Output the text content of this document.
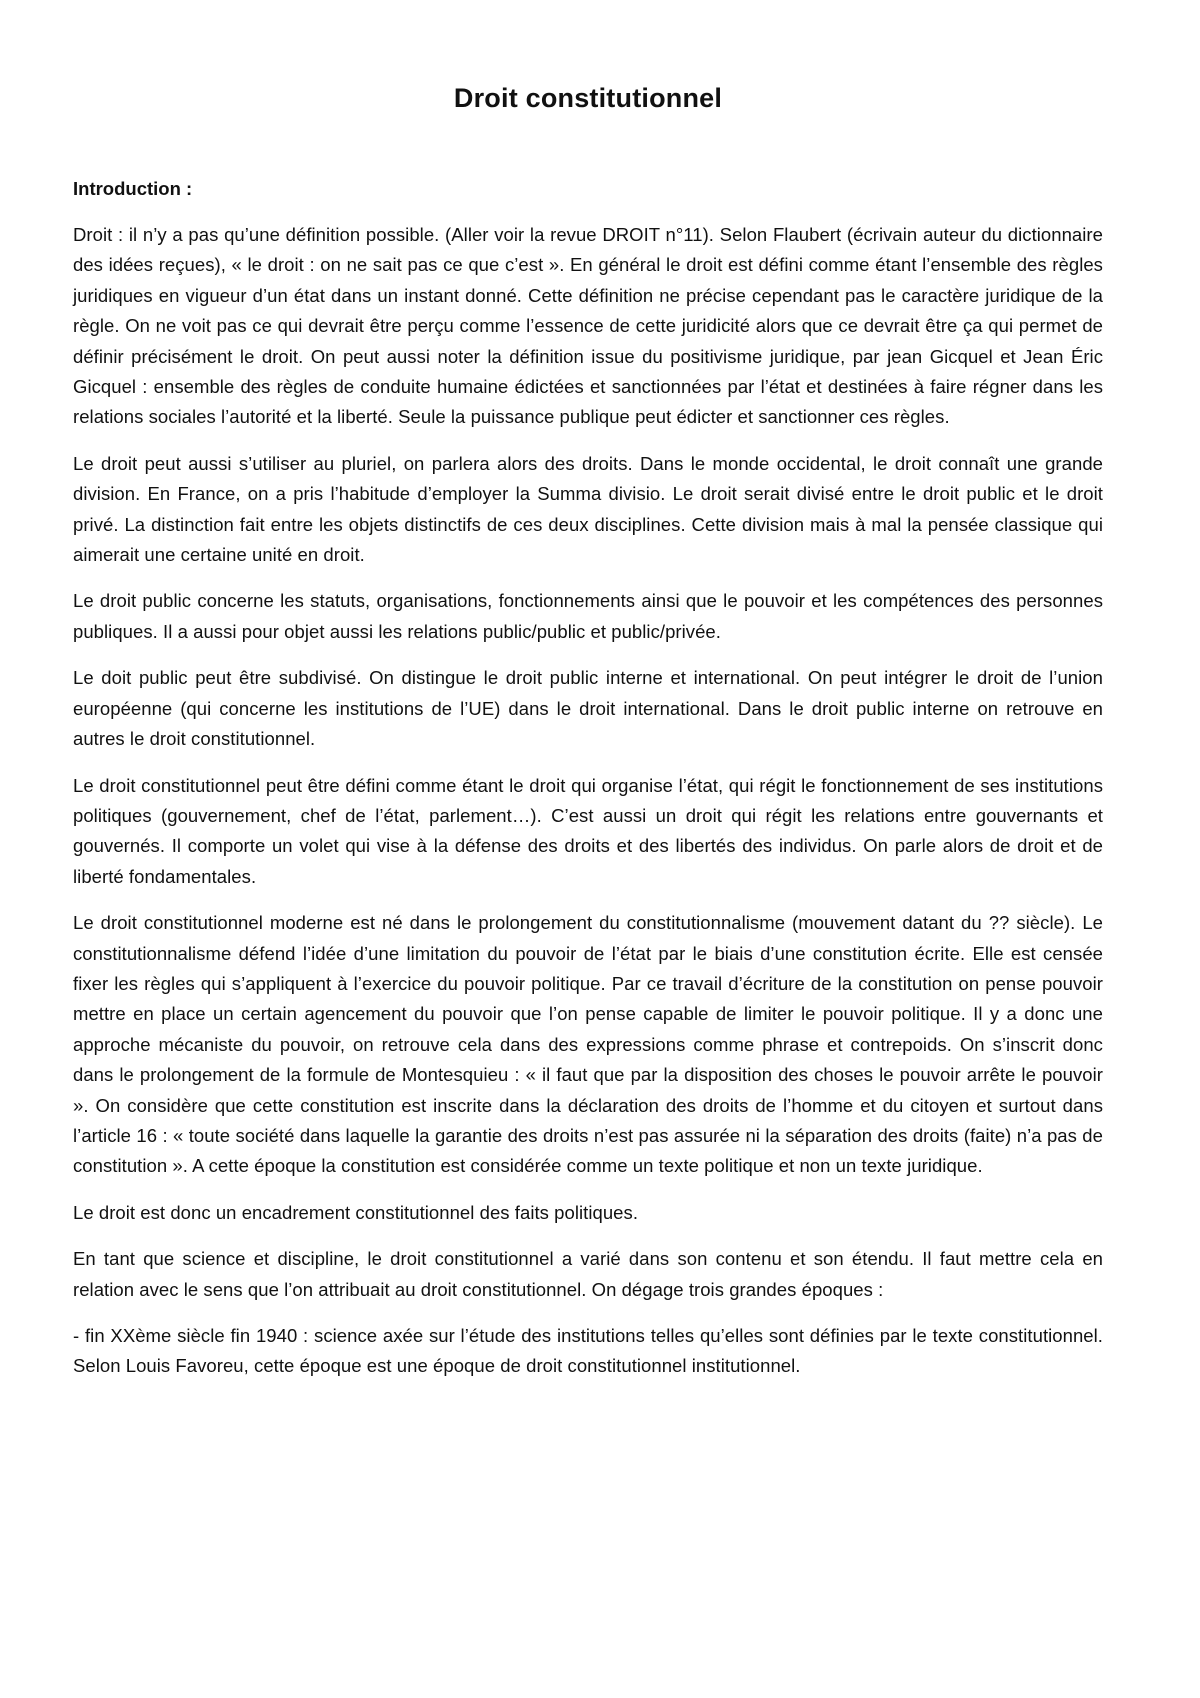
Droit constitutionnel

Introduction :

Droit : il n’y a pas qu’une définition possible. (Aller voir la revue DROIT n°11). Selon Flaubert (écrivain auteur du dictionnaire des idées reçues), « le droit : on ne sait pas ce que c’est ». En général le droit est défini comme étant l’ensemble des règles juridiques en vigueur d’un état dans un instant donné. Cette définition ne précise cependant pas le caractère juridique de la règle. On ne voit pas ce qui devrait être perçu comme l’essence de cette juridicité alors que ce devrait être ça qui permet de définir précisément le droit. On peut aussi noter la définition issue du positivisme juridique, par jean Gicquel et Jean Éric Gicquel : ensemble des règles de conduite humaine édictées et sanctionnées par l’état et destinées à faire régner dans les relations sociales l’autorité et la liberté. Seule la puissance publique peut édicter et sanctionner ces règles.

Le droit peut aussi s’utiliser au pluriel, on parlera alors des droits. Dans le monde occidental, le droit connaît une grande division. En France, on a pris l’habitude d’employer la Summa divisio. Le droit serait divisé entre le droit public et le droit privé. La distinction fait entre les objets distinctifs de ces deux disciplines. Cette division mais à mal la pensée classique qui aimerait une certaine unité en droit.

Le droit public concerne les statuts, organisations, fonctionnements ainsi que le pouvoir et les compétences des personnes publiques. Il a aussi pour objet aussi les relations public/public et public/privée.

Le doit public peut être subdivisé. On distingue le droit public interne et international. On peut intégrer le droit de l’union européenne (qui concerne les institutions de l’UE) dans le droit international. Dans le droit public interne on retrouve en autres le droit constitutionnel.

Le droit constitutionnel peut être défini comme étant le droit qui organise l’état, qui régit le fonctionnement de ses institutions politiques (gouvernement, chef de l’état, parlement…). C’est aussi un droit qui régit les relations entre gouvernants et gouvernés. Il comporte un volet qui vise à la défense des droits et des libertés des individus. On parle alors de droit et de liberté fondamentales.

Le droit constitutionnel moderne est né dans le prolongement du constitutionnalisme (mouvement datant du ?? siècle). Le constitutionnalisme défend l’idée d’une limitation du pouvoir de l’état par le biais d’une constitution écrite. Elle est censée fixer les règles qui s’appliquent à l’exercice du pouvoir politique. Par ce travail d’écriture de la constitution on pense pouvoir mettre en place un certain agencement du pouvoir que l’on pense capable de limiter le pouvoir politique. Il y a donc une approche mécaniste du pouvoir, on retrouve cela dans des expressions comme phrase et contrepoids. On s’inscrit donc dans le prolongement de la formule de Montesquieu : « il faut que par la disposition des choses le pouvoir arrête le pouvoir ». On considère que cette constitution est inscrite dans la déclaration des droits de l’homme et du citoyen et surtout dans l’article 16 : « toute société dans laquelle la garantie des droits n’est pas assurée ni la séparation des droits (faite) n’a pas de constitution ». A cette époque la constitution est considérée comme un texte politique et non un texte juridique.

Le droit est donc un encadrement constitutionnel des faits politiques.

En tant que science et discipline, le droit constitutionnel a varié dans son contenu et son étendu. Il faut mettre cela en relation avec le sens que l’on attribuait au droit constitutionnel. On dégage trois grandes époques :

- fin XXème siècle fin 1940 : science axée sur l’étude des institutions telles qu’elles sont définies par le texte constitutionnel. Selon Louis Favoreu, cette époque est une époque de droit constitutionnel institutionnel.
